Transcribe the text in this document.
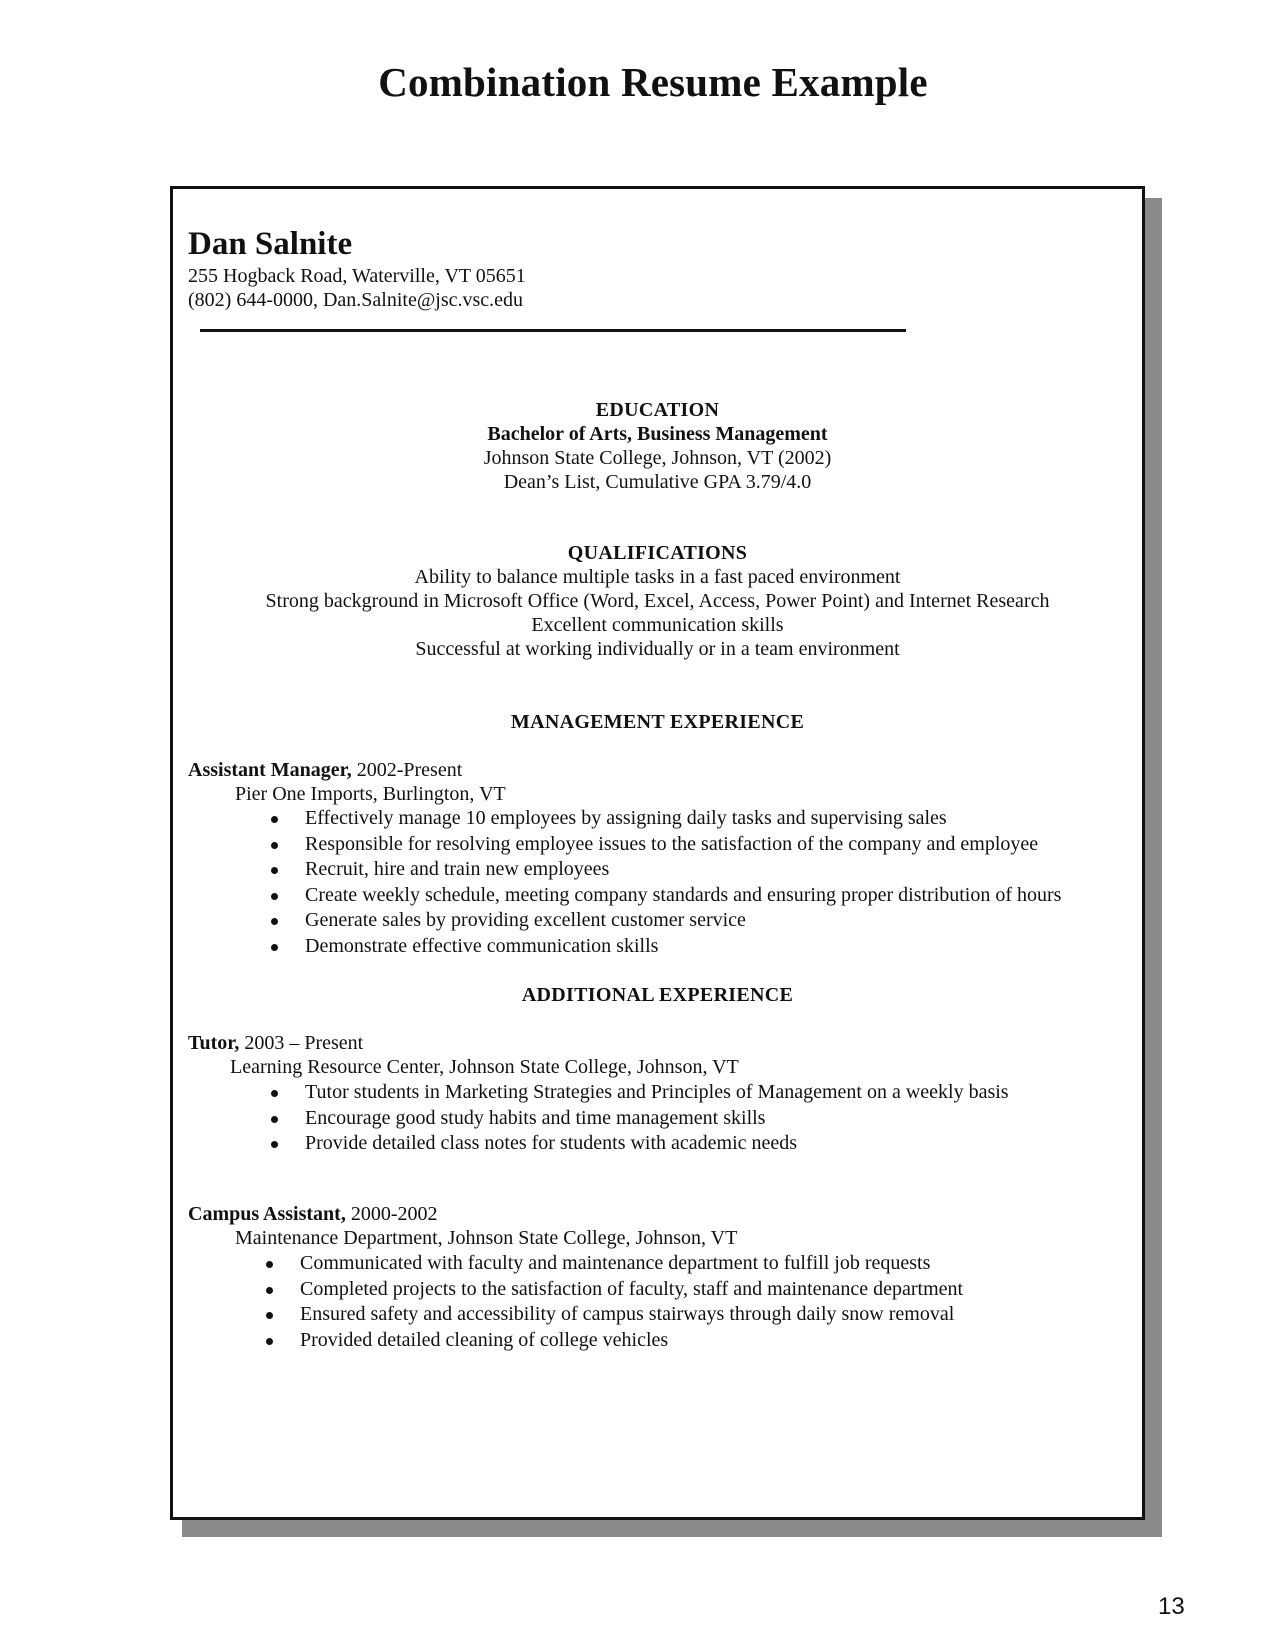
Combination Resume Example
Dan Salnite
255 Hogback Road, Waterville, VT 05651
(802) 644-0000, Dan.Salnite@jsc.vsc.edu
EDUCATION
Bachelor of Arts, Business Management
Johnson State College, Johnson, VT (2002)
Dean’s List, Cumulative GPA 3.79/4.0
QUALIFICATIONS
Ability to balance multiple tasks in a fast paced environment
Strong background in Microsoft Office (Word, Excel, Access, Power Point) and Internet Research
Excellent communication skills
Successful at working individually or in a team environment
MANAGEMENT EXPERIENCE
Assistant Manager, 2002-Present
Pier One Imports, Burlington, VT
Effectively manage 10 employees by assigning daily tasks and supervising sales
Responsible for resolving employee issues to the satisfaction of the company and employee
Recruit, hire and train new employees
Create weekly schedule, meeting company standards and ensuring proper distribution of hours
Generate sales by providing excellent customer service
Demonstrate effective communication skills
ADDITIONAL EXPERIENCE
Tutor, 2003 – Present
Learning Resource Center, Johnson State College, Johnson, VT
Tutor students in Marketing Strategies and Principles of Management on a weekly basis
Encourage good study habits and time management skills
Provide detailed class notes for students with academic needs
Campus Assistant, 2000-2002
Maintenance Department, Johnson State College, Johnson, VT
Communicated with faculty and maintenance department to fulfill job requests
Completed projects to the satisfaction of faculty, staff and maintenance department
Ensured safety and accessibility of campus stairways through daily snow removal
Provided detailed cleaning of college vehicles
13
